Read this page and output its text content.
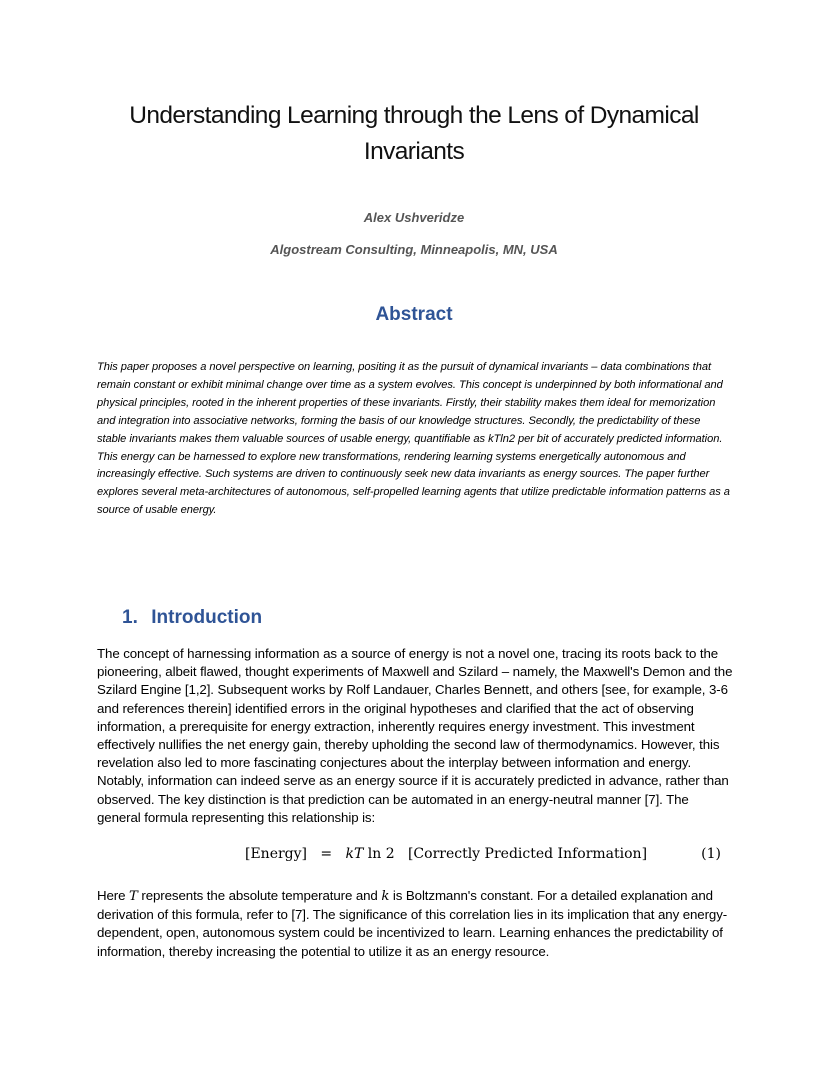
Understanding Learning through the Lens of Dynamical Invariants
Alex Ushveridze
Algostream Consulting, Minneapolis, MN, USA
Abstract
This paper proposes a novel perspective on learning, positing it as the pursuit of dynamical invariants – data combinations that remain constant or exhibit minimal change over time as a system evolves. This concept is underpinned by both informational and physical principles, rooted in the inherent properties of these invariants. Firstly, their stability makes them ideal for memorization and integration into associative networks, forming the basis of our knowledge structures. Secondly, the predictability of these stable invariants makes them valuable sources of usable energy, quantifiable as kTln2 per bit of accurately predicted information. This energy can be harnessed to explore new transformations, rendering learning systems energetically autonomous and increasingly effective. Such systems are driven to continuously seek new data invariants as energy sources. The paper further explores several meta-architectures of autonomous, self-propelled learning agents that utilize predictable information patterns as a source of usable energy.
1. Introduction
The concept of harnessing information as a source of energy is not a novel one, tracing its roots back to the pioneering, albeit flawed, thought experiments of Maxwell and Szilard – namely, the Maxwell's Demon and the Szilard Engine [1,2]. Subsequent works by Rolf Landauer, Charles Bennett, and others [see, for example, 3-6 and references therein] identified errors in the original hypotheses and clarified that the act of observing information, a prerequisite for energy extraction, inherently requires energy investment. This investment effectively nullifies the net energy gain, thereby upholding the second law of thermodynamics. However, this revelation also led to more fascinating conjectures about the interplay between information and energy. Notably, information can indeed serve as an energy source if it is accurately predicted in advance, rather than observed. The key distinction is that prediction can be automated in an energy-neutral manner [7]. The general formula representing this relationship is:
[Energy] = kT ln 2 [Correctly Predicted Information]	(1)
Here T represents the absolute temperature and k is Boltzmann's constant. For a detailed explanation and derivation of this formula, refer to [7]. The significance of this correlation lies in its implication that any energy-dependent, open, autonomous system could be incentivized to learn. Learning enhances the predictability of information, thereby increasing the potential to utilize it as an energy resource.
